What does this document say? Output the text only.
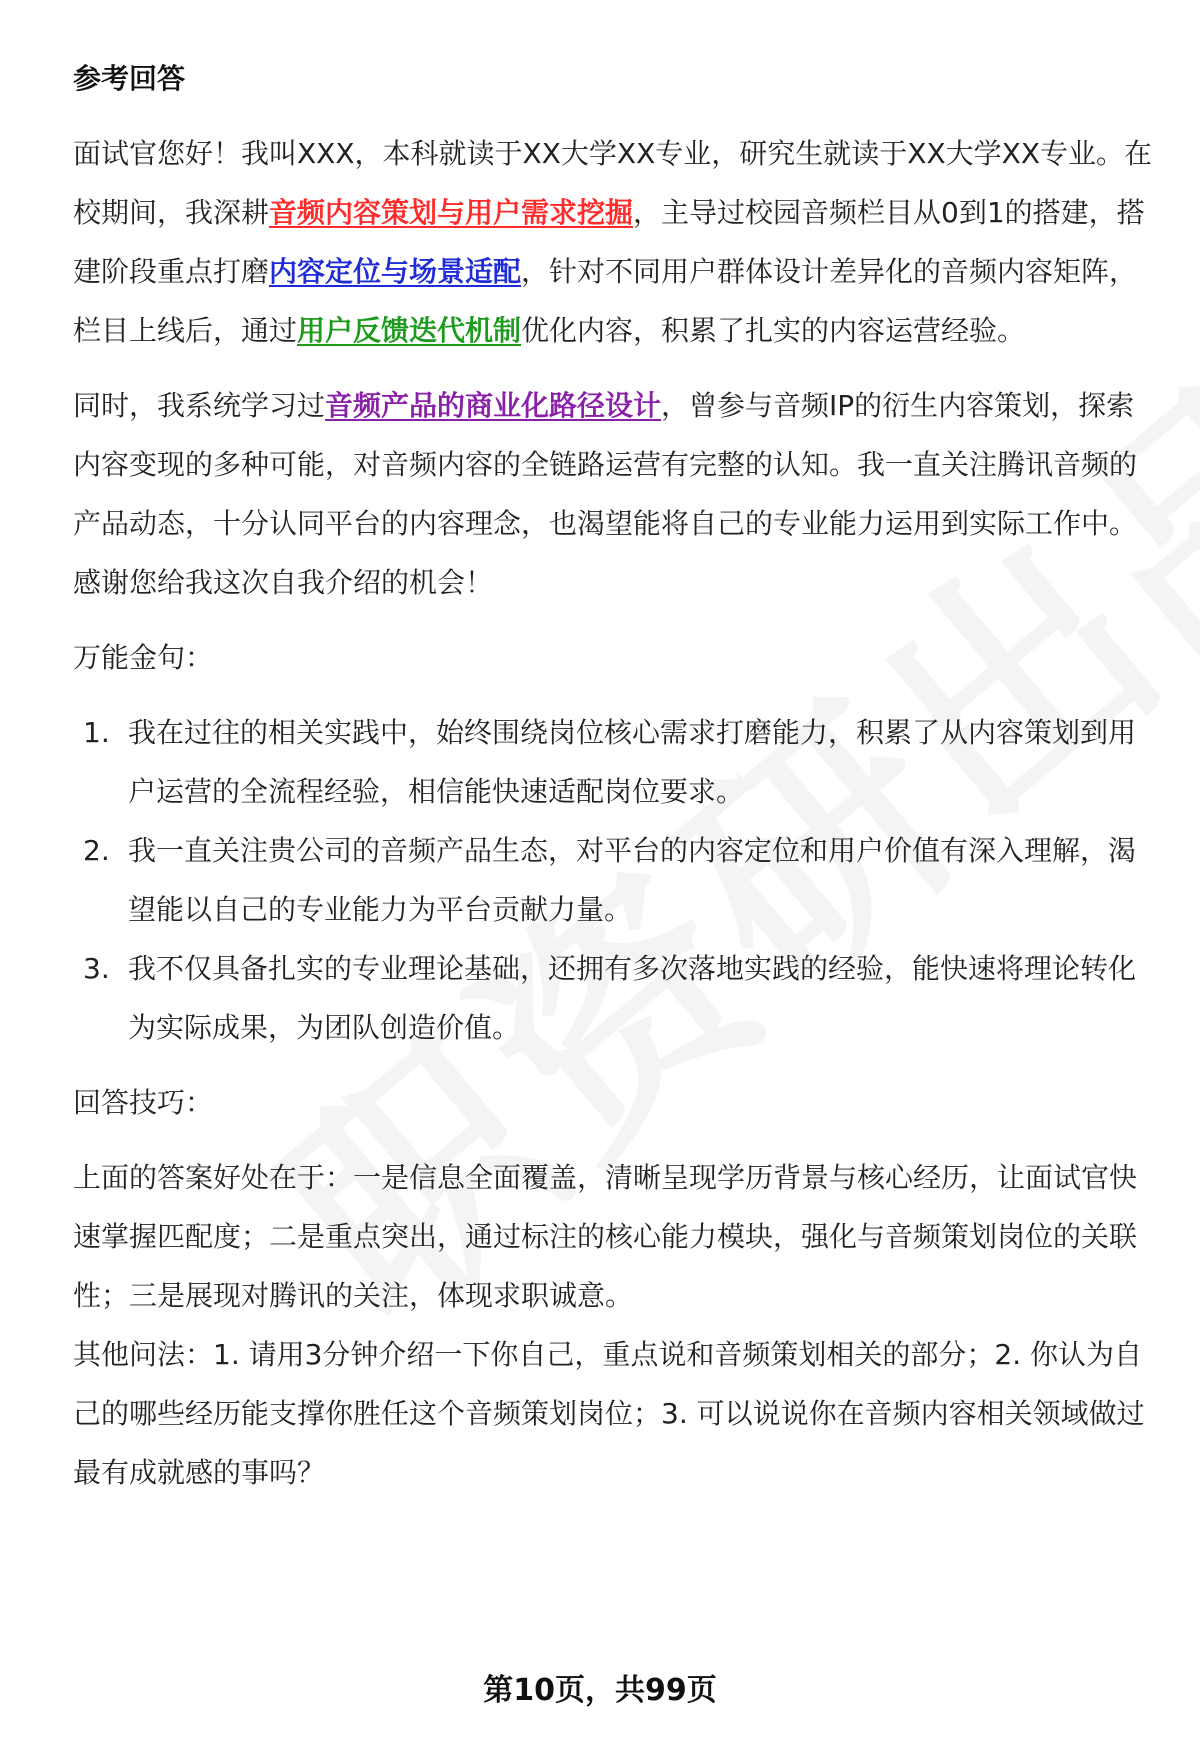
参考回答

面试官您好！我叫XXX，本科就读于XX大学XX专业，研究生就读于XX大学XX专业。在校期间，我深耕音频内容策划与用户需求挖掘，主导过校园音频栏目从0到1的搭建，搭建阶段重点打磨内容定位与场景适配，针对不同用户群体设计差异化的音频内容矩阵，栏目上线后，通过用户反馈迭代机制优化内容，积累了扎实的内容运营经验。

同时，我系统学习过音频产品的商业化路径设计，曾参与音频IP的衍生内容策划，探索内容变现的多种可能，对音频内容的全链路运营有完整的认知。我一直关注腾讯音频的产品动态，十分认同平台的内容理念，也渴望能将自己的专业能力运用到实际工作中。感谢您给我这次自我介绍的机会！

万能金句：

1. 我在过往的相关实践中，始终围绕岗位核心需求打磨能力，积累了从内容策划到用户运营的全流程经验，相信能快速适配岗位要求。
2. 我一直关注贵公司的音频产品生态，对平台的内容定位和用户价值有深入理解，渴望能以自己的专业能力为平台贡献力量。
3. 我不仅具备扎实的专业理论基础，还拥有多次落地实践的经验，能快速将理论转化为实际成果，为团队创造价值。

回答技巧：

上面的答案好处在于：一是信息全面覆盖，清晰呈现学历背景与核心经历，让面试官快速掌握匹配度；二是重点突出，通过标注的核心能力模块，强化与音频策划岗位的关联性；三是展现对腾讯的关注，体现求职诚意。

其他问法：1. 请用3分钟介绍一下你自己，重点说和音频策划相关的部分；2. 你认为自己的哪些经历能支撑你胜任这个音频策划岗位；3. 可以说说你在音频内容相关领域做过最有成就感的事吗？

第10页，共99页
